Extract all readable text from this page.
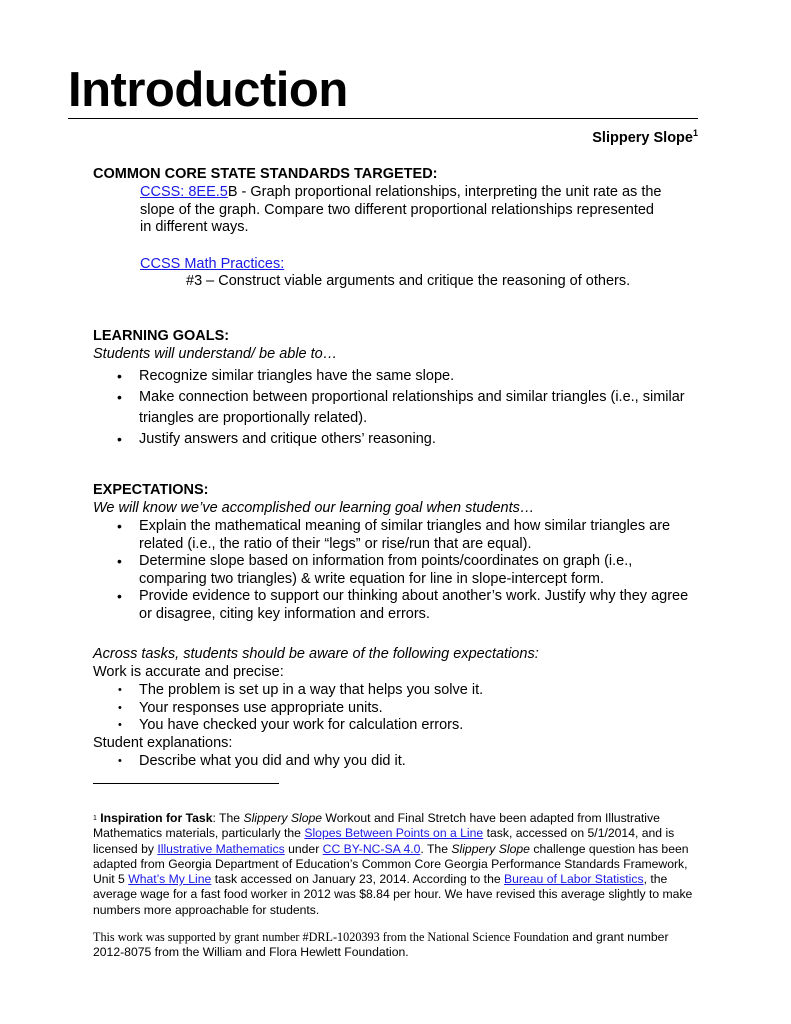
Introduction
Slippery Slope$^1$
COMMON CORE STATE STANDARDS TARGETED:
CCSS: 8EE.5B - Graph proportional relationships, interpreting the unit rate as the
slope of the graph. Compare two different proportional relationships represented
in different ways.
CCSS Math Practices:
#3 – Construct viable arguments and critique the reasoning of others.
LEARNING GOALS:
Students will understand/ be able to…
• Recognize similar triangles have the same slope.
• Make connection between proportional relationships and similar triangles (i.e., similar triangles are proportionally related).
• Justify answers and critique others’ reasoning.
EXPECTATIONS:
We will know we’ve accomplished our learning goal when students…
• Explain the mathematical meaning of similar triangles and how similar triangles are related (i.e., the ratio of their “legs” or rise/run that are equal).
• Determine slope based on information from points/coordinates on graph (i.e., comparing two triangles) & write equation for line in slope-intercept form.
• Provide evidence to support our thinking about another’s work. Justify why they agree or disagree, citing key information and errors.
Across tasks, students should be aware of the following expectations:
Work is accurate and precise:
• The problem is set up in a way that helps you solve it.
• Your responses use appropriate units.
• You have checked your work for calculation errors.
Student explanations:
• Describe what you did and why you did it.
$^1$ Inspiration for Task: The Slippery Slope Workout and Final Stretch have been adapted from Illustrative Mathematics materials, particularly the Slopes Between Points on a Line task, accessed on 5/1/2014, and is licensed by Illustrative Mathematics under CC BY-NC-SA 4.0. The Slippery Slope challenge question has been adapted from Georgia Department of Education’s Common Core Georgia Performance Standards Framework, Unit 5 What’s My Line task accessed on January 23, 2014. According to the Bureau of Labor Statistics, the average wage for a fast food worker in 2012 was $8.84 per hour. We have revised this average slightly to make numbers more approachable for students.
This work was supported by grant number #DRL-1020393 from the National Science Foundation and grant number 2012-8075 from the William and Flora Hewlett Foundation.
